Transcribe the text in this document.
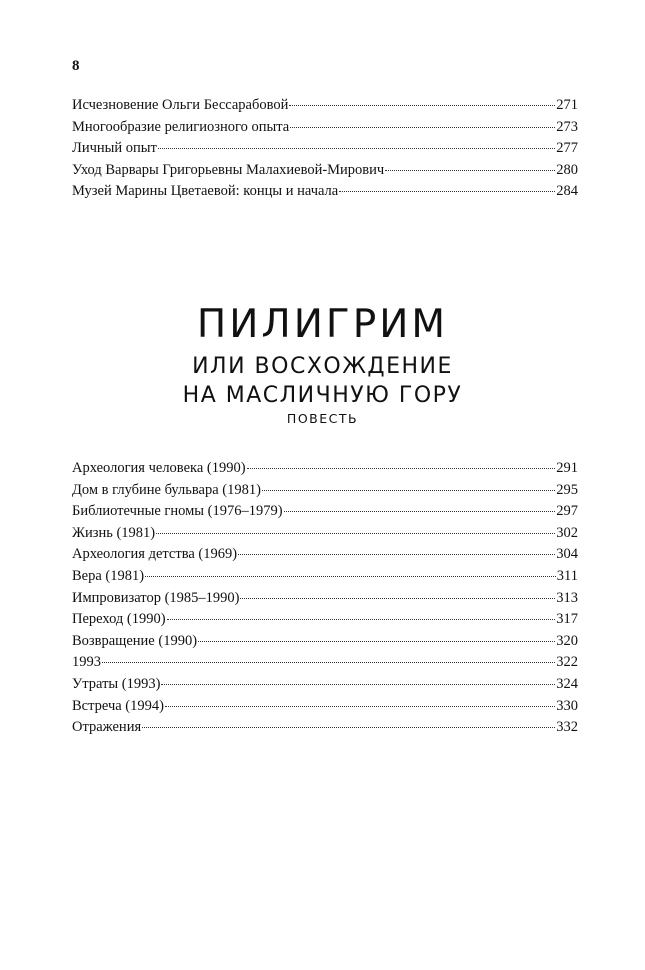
8
Исчезновение Ольги Бессарабовой	271
Многообразие религиозного опыта	273
Личный опыт	277
Уход Варвары Григорьевны Малахиевой-Мирович	280
Музей Марины Цветаевой: концы и начала	284
ПИЛИГРИМ
ИЛИ ВОСХОЖДЕНИЕ
НА МАСЛИЧНУЮ ГОРУ
ПОВЕСТЬ
Археология человека (1990)	291
Дом в глубине бульвара (1981)	295
Библиотечные гномы (1976–1979)	297
Жизнь (1981)	302
Археология детства (1969)	304
Вера (1981)	311
Импровизатор (1985–1990)	313
Переход (1990)	317
Возвращение (1990)	320
1993	322
Утраты (1993)	324
Встреча (1994)	330
Отражения	332
